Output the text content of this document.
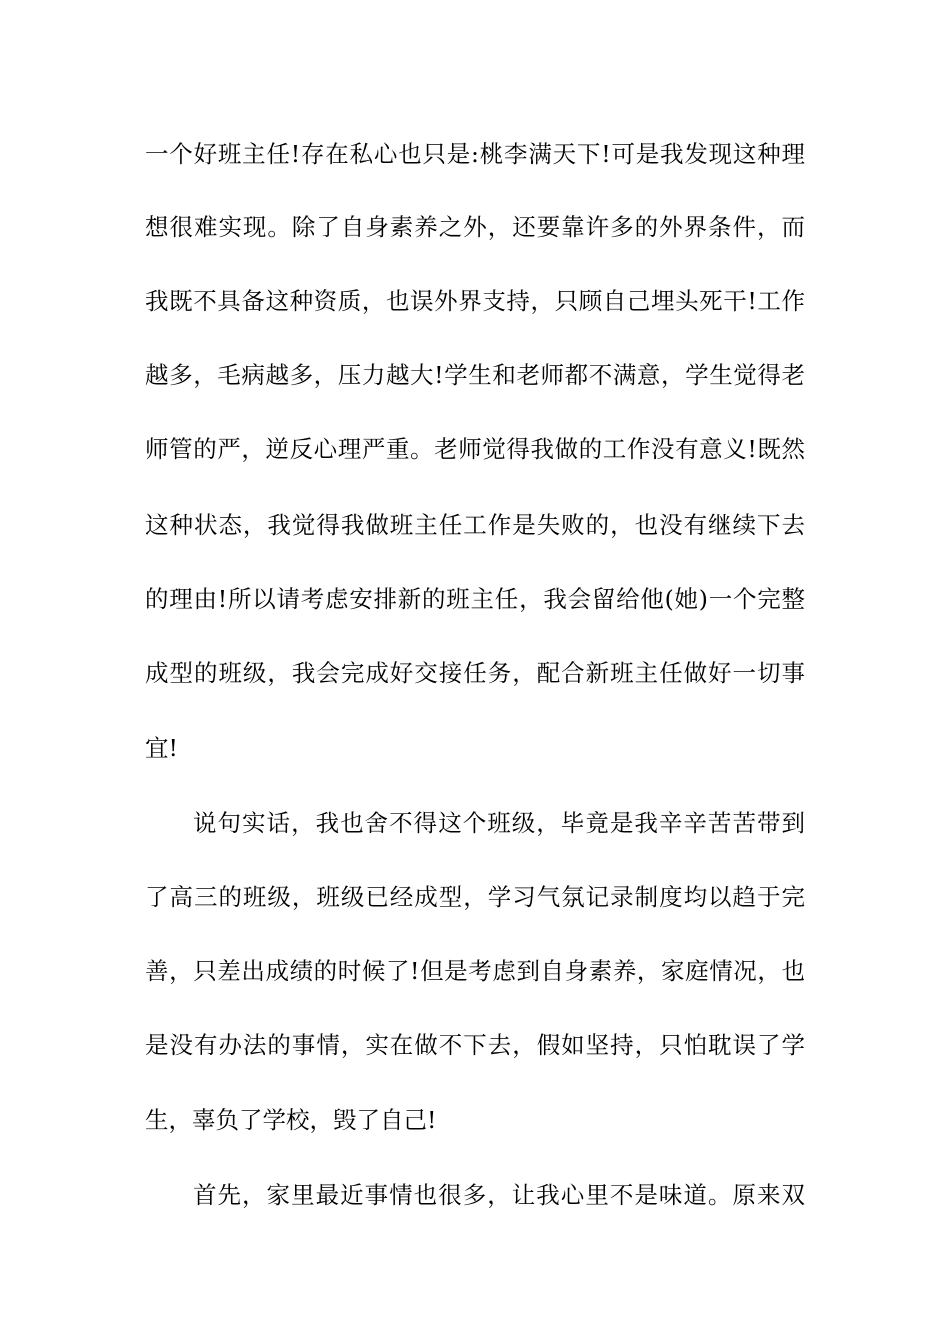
一个好班主任!存在私心也只是:桃李满天下!可是我发现这种理
想很难实现。除了自身素养之外，还要靠许多的外界条件，而
我既不具备这种资质，也误外界支持，只顾自己埋头死干!工作
越多，毛病越多，压力越大!学生和老师都不满意，学生觉得老
师管的严，逆反心理严重。老师觉得我做的工作没有意义!既然
这种状态，我觉得我做班主任工作是失败的，也没有继续下去
的理由!所以请考虑安排新的班主任，我会留给他(她)一个完整
成型的班级，我会完成好交接任务，配合新班主任做好一切事
宜!
说句实话，我也舍不得这个班级，毕竟是我辛辛苦苦带到
了高三的班级，班级已经成型，学习气氛记录制度均以趋于完
善，只差出成绩的时候了!但是考虑到自身素养，家庭情况，也
是没有办法的事情，实在做不下去，假如坚持，只怕耽误了学
生，辜负了学校，毁了自己!
首先，家里最近事情也很多，让我心里不是味道。原来双
